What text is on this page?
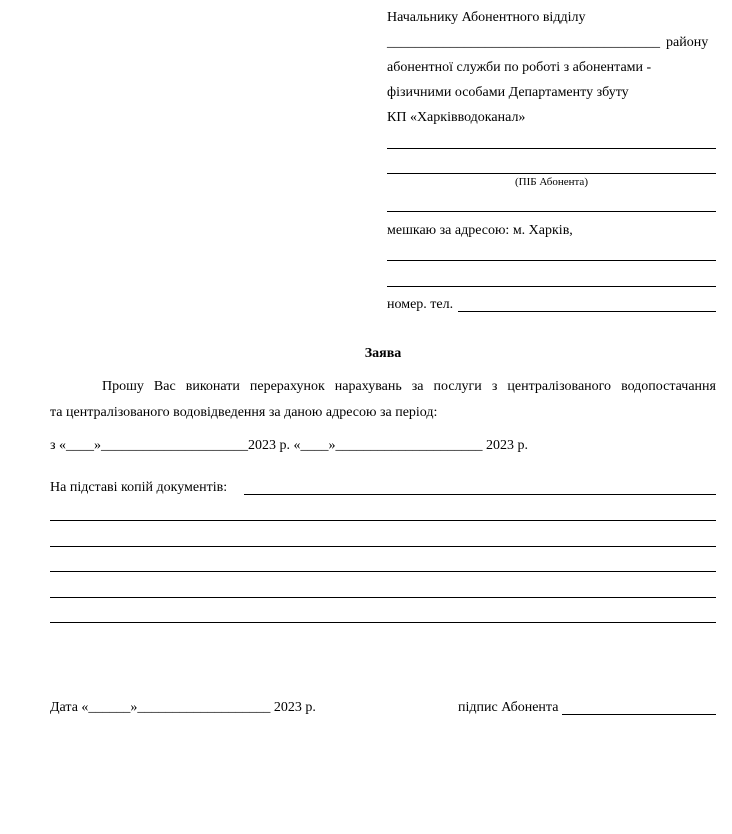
Начальнику Абонентного відділу
_______________________________________ району
абонентної служби по роботі з абонентами -
фізичними особами Департаменту збуту
КП «Харківводоканал»
(ПІБ Абонента)
мешкаю за адресою: м. Харків,
номер. тел.
Заява
Прошу Вас виконати перерахунок нарахувань за послуги з централізованого водопостачання
та централізованого водовідведення за даною адресою за період:
з «____»_____________________2023 р. «____»_____________________ 2023 р.
На підставі копій документів:
Дата «______»___________________ 2023 р.	підпис Абонента
